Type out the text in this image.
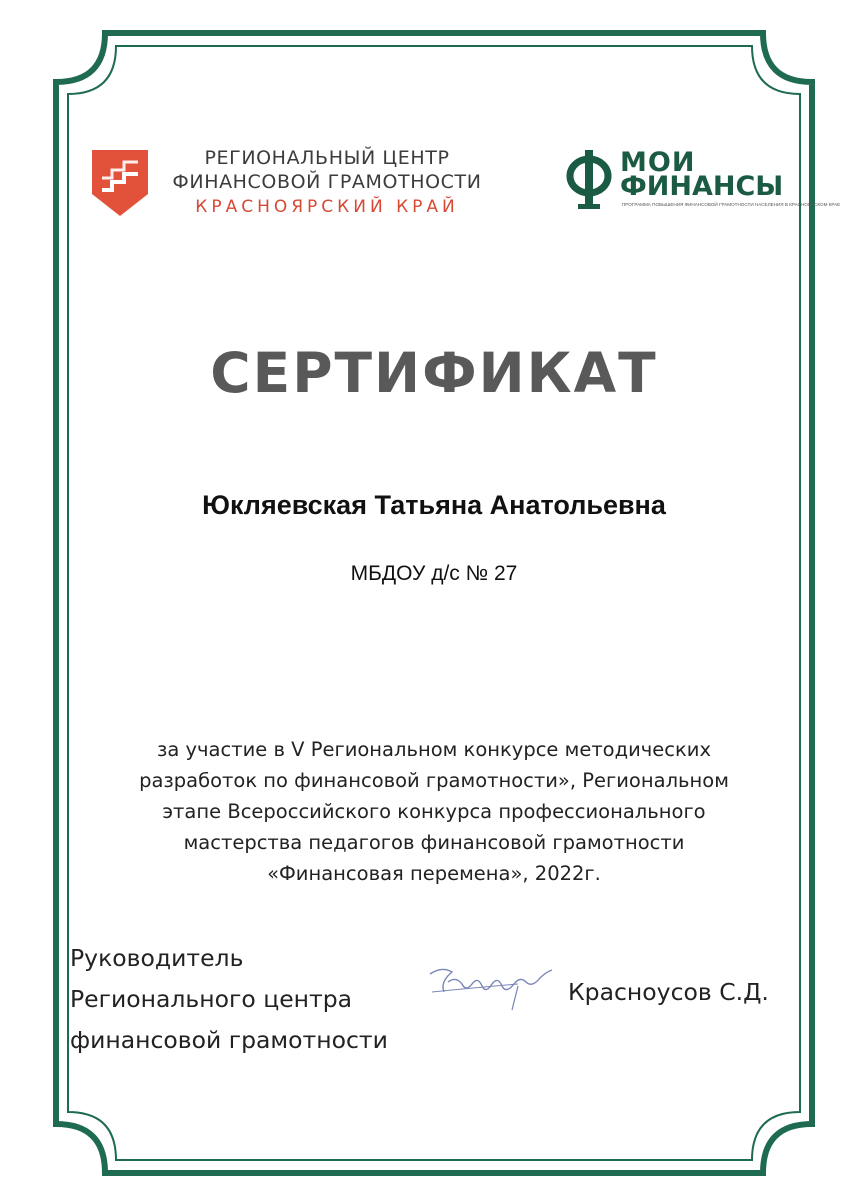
РЕГИОНАЛЬНЫЙ ЦЕНТР
ФИНАНСОВОЙ ГРАМОТНОСТИ
КРАСНОЯРСКИЙ КРАЙ
МОИ
ФИНАНСЫ
ПРОГРАММА ПОВЫШЕНИЯ ФИНАНСОВОЙ ГРАМОТНОСТИ НАСЕЛЕНИЯ В КРАСНОЯРСКОМ КРАЕ
СЕРТИФИКАТ
Юкляевская Татьяна Анатольевна
МБДОУ д/с № 27
за участие в V Региональном конкурсе методических
разработок по финансовой грамотности», Региональном
этапе Всероссийского конкурса профессионального
мастерства педагогов финансовой грамотности
«Финансовая перемена», 2022г.
Руководитель
Регионального центра
финансовой грамотности
Красноусов С.Д.
